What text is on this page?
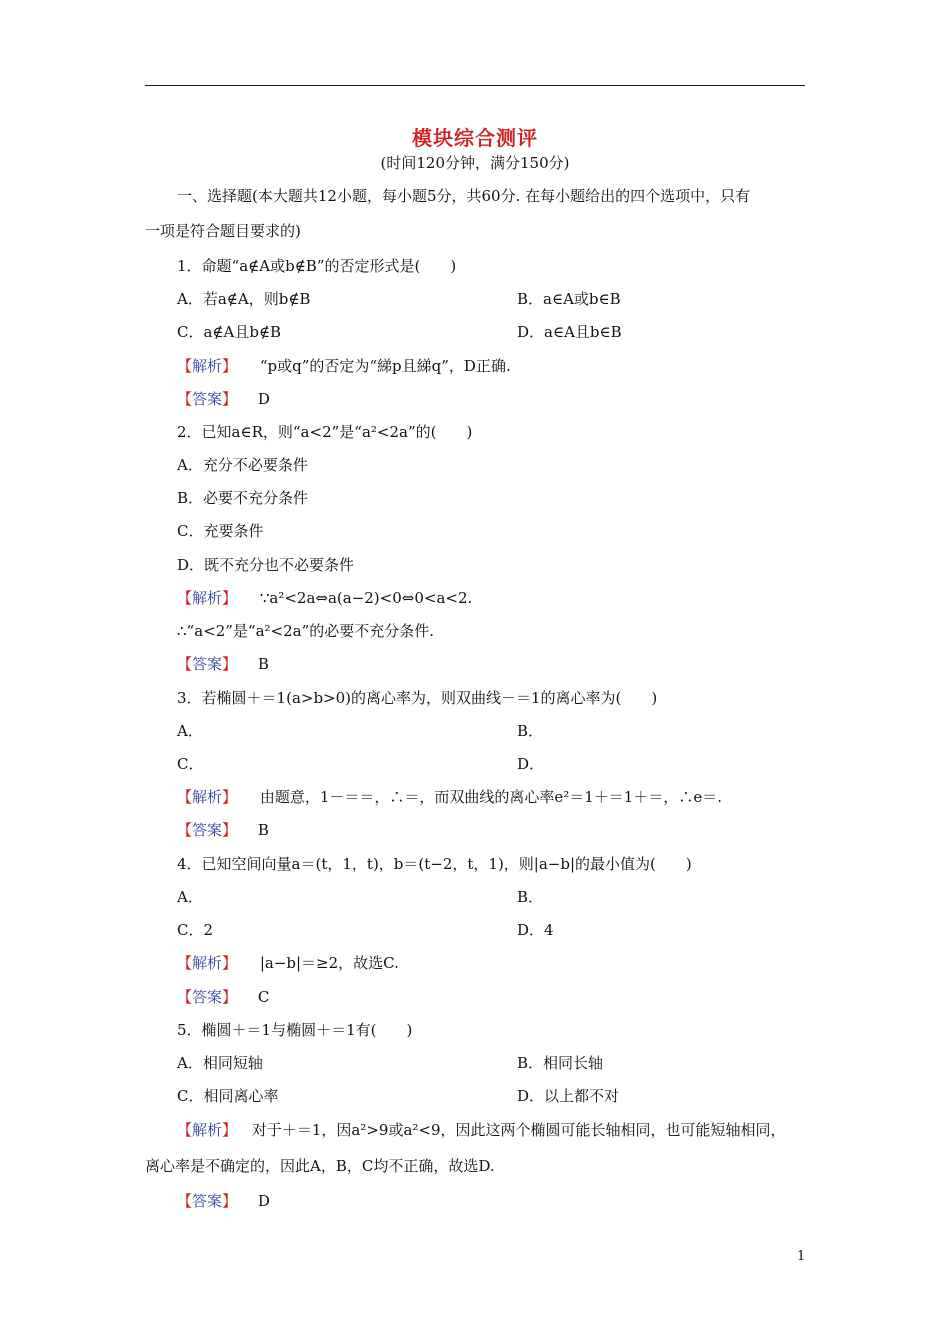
模块综合测评
(时间120分钟，满分150分)
一、选择题(本大题共12小题，每小题5分，共60分. 在每小题给出的四个选项中，只有
一项是符合题目要求的)
1．命题“a∉A或b∉B”的否定形式是(　　)
A．若a∉A，则b∉B	B．a∈A或b∈B
C．a∉A且b∉B	D．a∈A且b∈B
【解析】 “p或q”的否定为“綈p且綈q”，D正确.
【答案】 D
2．已知a∈R，则“a<2”是“a²<2a”的(　　)
A．充分不必要条件
B．必要不充分条件
C．充要条件
D．既不充分也不必要条件
【解析】 ∵a²<2a⇔a(a−2)<0⇔0<a<2.
∴“a<2”是“a²<2a”的必要不充分条件.
【答案】 B
3．若椭圆＋＝1(a>b>0)的离心率为，则双曲线－＝1的离心率为(　　)
A．	B．
C．	D．
【解析】 由题意，1－＝＝，∴＝，而双曲线的离心率e²＝1＋＝1＋＝，∴e＝.
【答案】 B
4．已知空间向量a＝(t，1，t)，b＝(t−2，t，1)，则|a−b|的最小值为(　　)
A．	B．
C．2	D．4
【解析】 |a−b|＝≥2，故选C.
【答案】 C
5．椭圆＋＝1与椭圆＋＝1有(　　)
A．相同短轴	B．相同长轴
C．相同离心率	D．以上都不对
【解析】 对于＋＝1，因a²>9或a²<9，因此这两个椭圆可能长轴相同，也可能短轴相同，
离心率是不确定的，因此A，B，C均不正确，故选D.
【答案】 D
1
